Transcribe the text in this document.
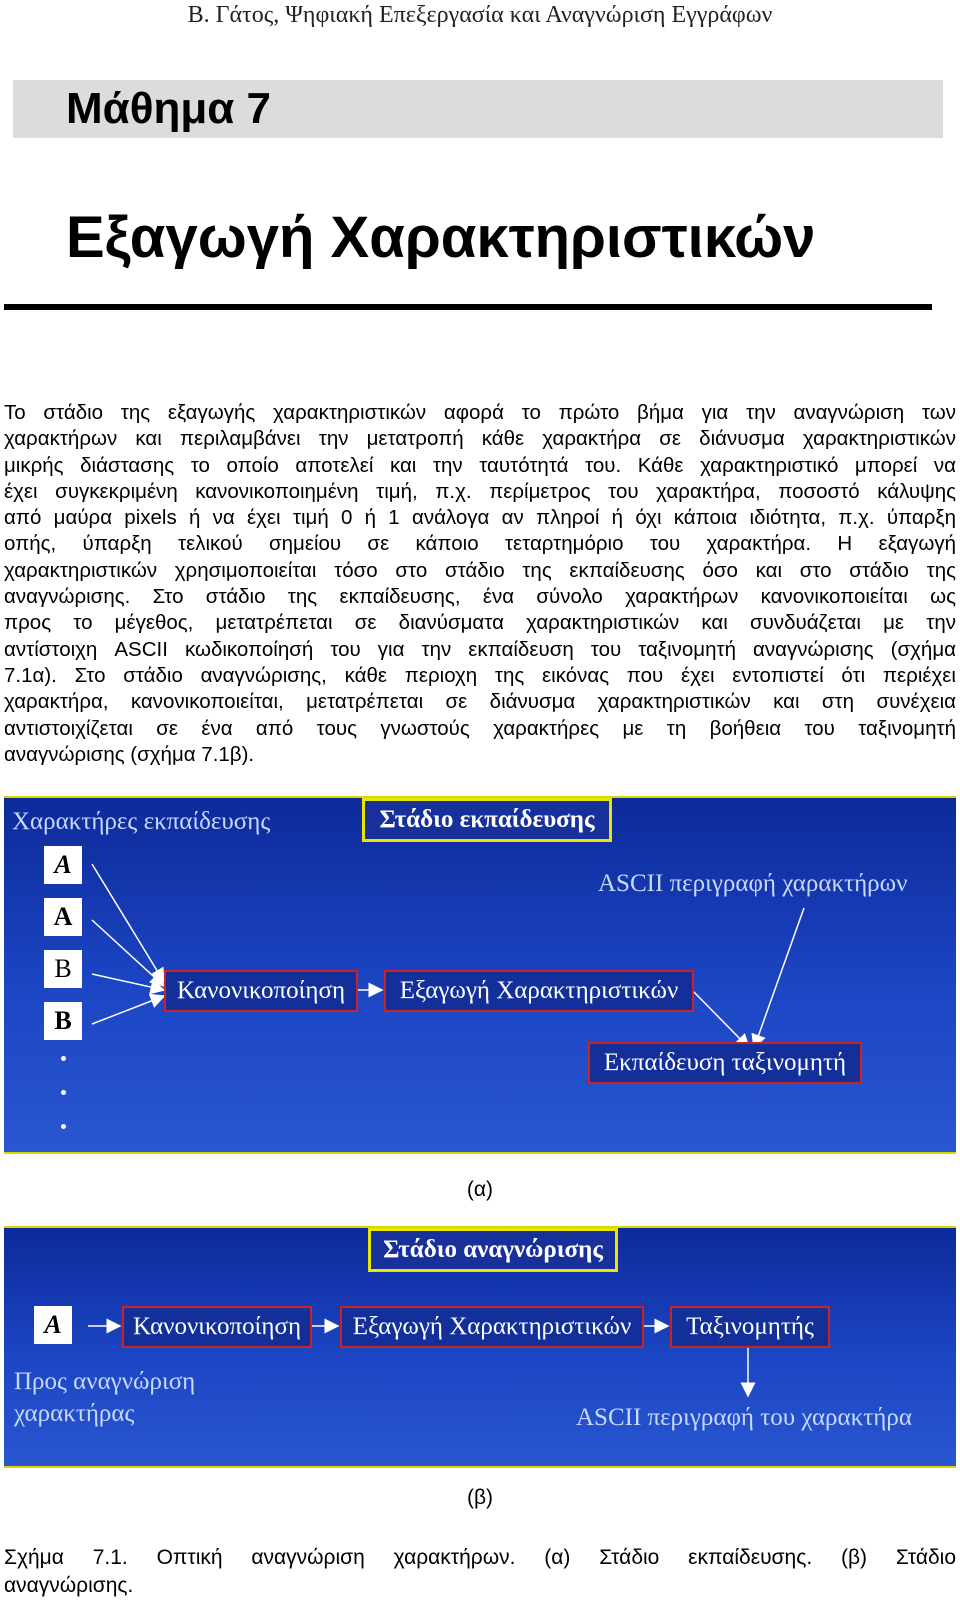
Β. Γάτος, Ψηφιακή Επεξεργασία και Αναγνώριση Εγγράφων
Μάθημα 7
Εξαγωγή Χαρακτηριστικών
Το στάδιο της εξαγωγής χαρακτηριστικών αφορά το πρώτο βήμα για την αναγνώριση των
χαρακτήρων και περιλαμβάνει την μετατροπή κάθε χαρακτήρα σε διάνυσμα χαρακτηριστικών
μικρής διάστασης το οποίο αποτελεί και την ταυτότητά του. Κάθε χαρακτηριστικό μπορεί να
έχει συγκεκριμένη κανονικοποιημένη τιμή, π.χ. περίμετρος του χαρακτήρα, ποσοστό κάλυψης
από μαύρα pixels ή να έχει τιμή 0 ή 1 ανάλογα αν πληροί ή όχι κάποια ιδιότητα, π.χ. ύπαρξη
οπής, ύπαρξη τελικού σημείου σε κάποιο τεταρτημόριο του χαρακτήρα. Η εξαγωγή
χαρακτηριστικών χρησιμοποιείται τόσο στο στάδιο της εκπαίδευσης όσο και στο στάδιο της
αναγνώρισης. Στο στάδιο της εκπαίδευσης, ένα σύνολο χαρακτήρων κανονικοποιείται ως
προς το μέγεθος, μετατρέπεται σε διανύσματα χαρακτηριστικών και συνδυάζεται με την
αντίστοιχη ASCII κωδικοποίησή του για την εκπαίδευση του ταξινομητή αναγνώρισης (σχήμα
7.1α). Στο στάδιο αναγνώρισης, κάθε περιοχη της εικόνας που έχει εντοπιστεί ότι περιέχει
χαρακτήρα, κανονικοποιείται, μετατρέπεται σε διάνυσμα χαρακτηριστικών και στη συνέχεια
αντιστοιχίζεται σε ένα από τους γνωστούς χαρακτήρες με τη βοήθεια του ταξινομητή
αναγνώρισης (σχήμα 7.1β).
Χαρακτήρες εκπαίδευσης	Στάδιο εκπαίδευσης
ASCII περιγραφή χαρακτήρων
A
A
B
B
Κανονικοποίηση	Εξαγωγή Χαρακτηριστικών
Εκπαίδευση ταξινομητή
(α)
Στάδιο αναγνώρισης
A	Κανονικοποίηση	Εξαγωγή Χαρακτηριστικών	Ταξινομητής
Προς αναγνώριση
χαρακτήρας	ASCII περιγραφή του χαρακτήρα
(β)
Σχήμα 7.1. Οπτική αναγνώριση χαρακτήρων. (α) Στάδιο εκπαίδευσης. (β) Στάδιο
αναγνώρισης.
